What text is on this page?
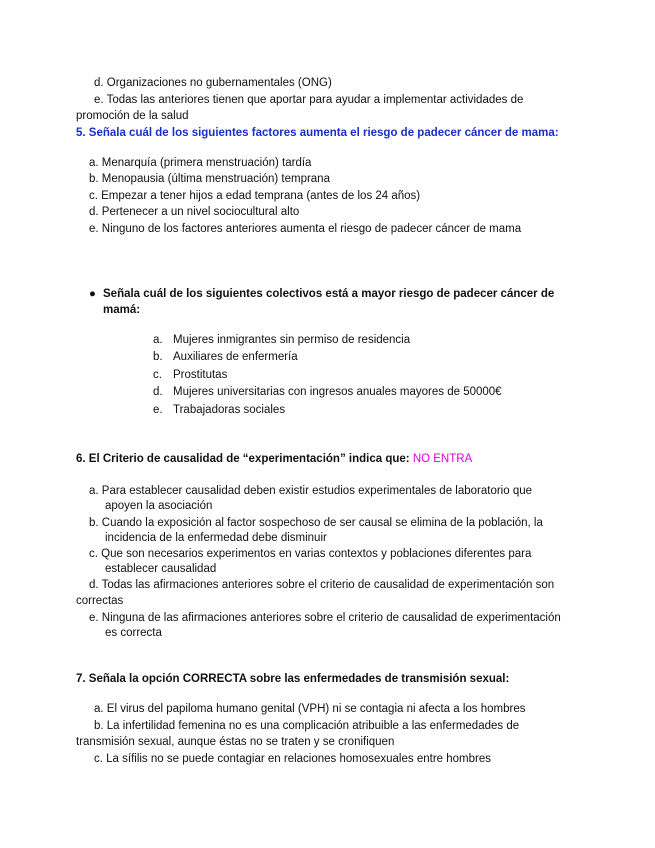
d. Organizaciones no gubernamentales (ONG)
e. Todas las anteriores tienen que aportar para ayudar a implementar actividades de
promoción de la salud
5. Señala cuál de los siguientes factores aumenta el riesgo de padecer cáncer de mama:
a. Menarquía (primera menstruación) tardía
b. Menopausia (última menstruación) temprana
c. Empezar a tener hijos a edad temprana (antes de los 24 años)
d. Pertenecer a un nivel sociocultural alto
e. Ninguno de los factores anteriores aumenta el riesgo de padecer cáncer de mama
● Señala cuál de los siguientes colectivos está a mayor riesgo de padecer cáncer de
mamá:
a. Mujeres inmigrantes sin permiso de residencia
b. Auxiliares de enfermería
c. Prostitutas
d. Mujeres universitarias con ingresos anuales mayores de 50000€
e. Trabajadoras sociales
6. El Criterio de causalidad de “experimentación” indica que: NO ENTRA
a. Para establecer causalidad deben existir estudios experimentales de laboratorio que
apoyen la asociación
b. Cuando la exposición al factor sospechoso de ser causal se elimina de la población, la
incidencia de la enfermedad debe disminuir
c. Que son necesarios experimentos en varias contextos y poblaciones diferentes para
establecer causalidad
d. Todas las afirmaciones anteriores sobre el criterio de causalidad de experimentación son
correctas
e. Ninguna de las afirmaciones anteriores sobre el criterio de causalidad de experimentación
es correcta
7. Señala la opción CORRECTA sobre las enfermedades de transmisión sexual:
a. El virus del papiloma humano genital (VPH) ni se contagia ni afecta a los hombres
b. La infertilidad femenina no es una complicación atribuible a las enfermedades de
transmisión sexual, aunque éstas no se traten y se cronifiquen
c. La sífilis no se puede contagiar en relaciones homosexuales entre hombres
